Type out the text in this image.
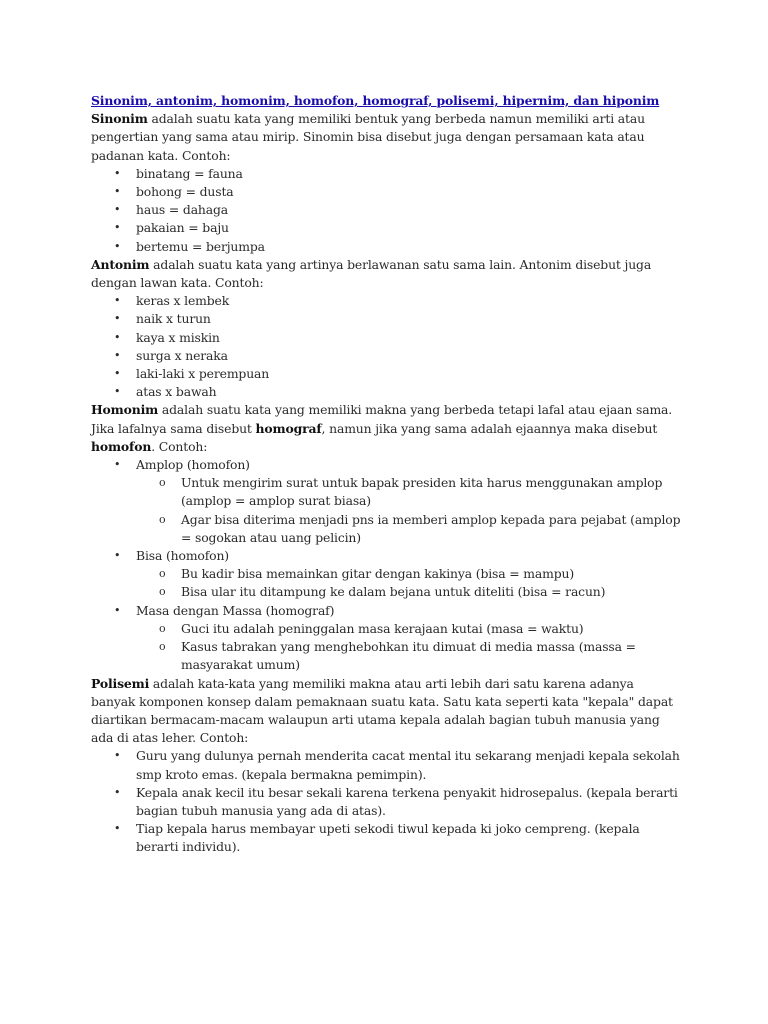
Sinonim, antonim, homonim, homofon, homograf, polisemi, hipernim, dan hiponim

Sinonim adalah suatu kata yang memiliki bentuk yang berbeda namun memiliki arti atau pengertian yang sama atau mirip. Sinomin bisa disebut juga dengan persamaan kata atau padanan kata. Contoh:

• binatang = fauna
• bohong = dusta
• haus = dahaga
• pakaian = baju
• bertemu = berjumpa

Antonim adalah suatu kata yang artinya berlawanan satu sama lain. Antonim disebut juga dengan lawan kata. Contoh:

• keras x lembek
• naik x turun
• kaya x miskin
• surga x neraka
• laki-laki x perempuan
• atas x bawah

Homonim adalah suatu kata yang memiliki makna yang berbeda tetapi lafal atau ejaan sama. Jika lafalnya sama disebut homograf, namun jika yang sama adalah ejaannya maka disebut homofon. Contoh:

• Amplop (homofon)
o Untuk mengirim surat untuk bapak presiden kita harus menggunakan amplop (amplop = amplop surat biasa)
o Agar bisa diterima menjadi pns ia memberi amplop kepada para pejabat (amplop = sogokan atau uang pelicin)
• Bisa (homofon)
o Bu kadir bisa memainkan gitar dengan kakinya (bisa = mampu)
o Bisa ular itu ditampung ke dalam bejana untuk diteliti (bisa = racun)
• Masa dengan Massa (homograf)
o Guci itu adalah peninggalan masa kerajaan kutai (masa = waktu)
o Kasus tabrakan yang menghebohkan itu dimuat di media massa (massa = masyarakat umum)

Polisemi adalah kata-kata yang memiliki makna atau arti lebih dari satu karena adanya banyak komponen konsep dalam pemaknaan suatu kata. Satu kata seperti kata "kepala" dapat diartikan bermacam-macam walaupun arti utama kepala adalah bagian tubuh manusia yang ada di atas leher. Contoh:

• Guru yang dulunya pernah menderita cacat mental itu sekarang menjadi kepala sekolah smp kroto emas. (kepala bermakna pemimpin).
• Kepala anak kecil itu besar sekali karena terkena penyakit hidrosepalus. (kepala berarti bagian tubuh manusia yang ada di atas).
• Tiap kepala harus membayar upeti sekodi tiwul kepada ki joko cempreng. (kepala berarti individu).
